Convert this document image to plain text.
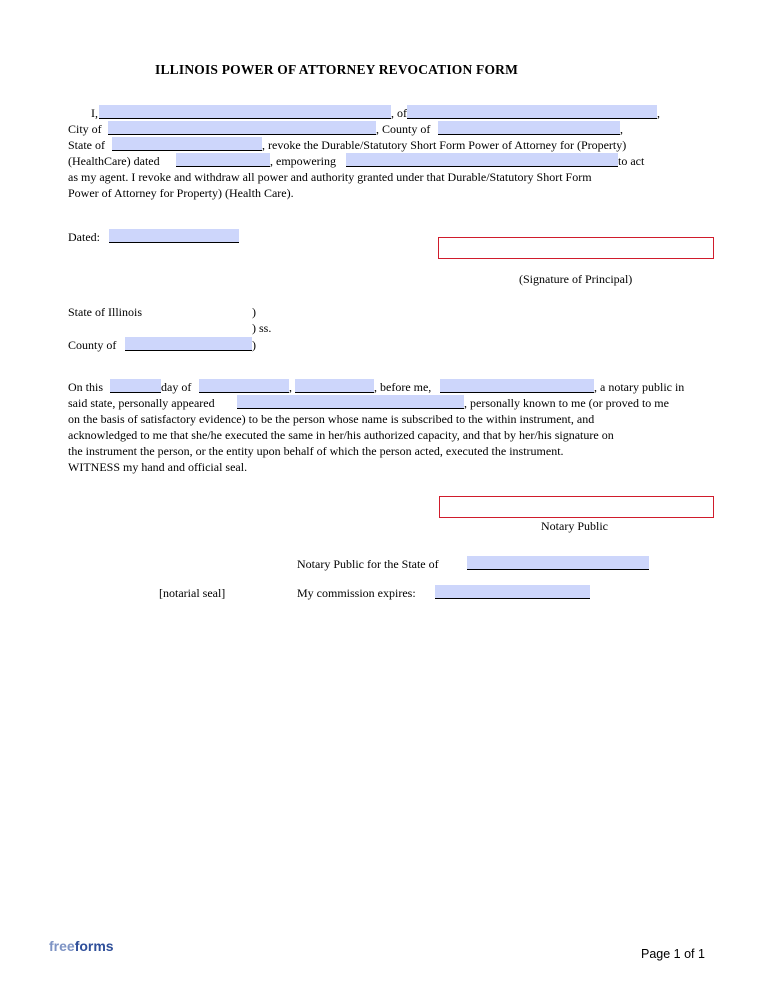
ILLINOIS POWER OF ATTORNEY REVOCATION FORM
I,	, of	,
City of	, County of	,
State of	, revoke the Durable/Statutory Short Form Power of Attorney for (Property)
(HealthCare) dated	, empowering	to act
as my agent. I revoke and withdraw all power and authority granted under that Durable/Statutory Short Form
Power of Attorney for Property) (Health Care).
Dated:
(Signature of Principal)
State of Illinois	)
) ss.
County of	)
On this	day of	,	, before me,	, a notary public in
said state, personally appeared	, personally known to me (or proved to me
on the basis of satisfactory evidence) to be the person whose name is subscribed to the within instrument, and
acknowledged to me that she/he executed the same in her/his authorized capacity, and that by her/his signature on
the instrument the person, or the entity upon behalf of which the person acted, executed the instrument.
WITNESS my hand and official seal.
Notary Public
Notary Public for the State of
[notarial seal]	My commission expires:
freeforms	Page 1 of 1
